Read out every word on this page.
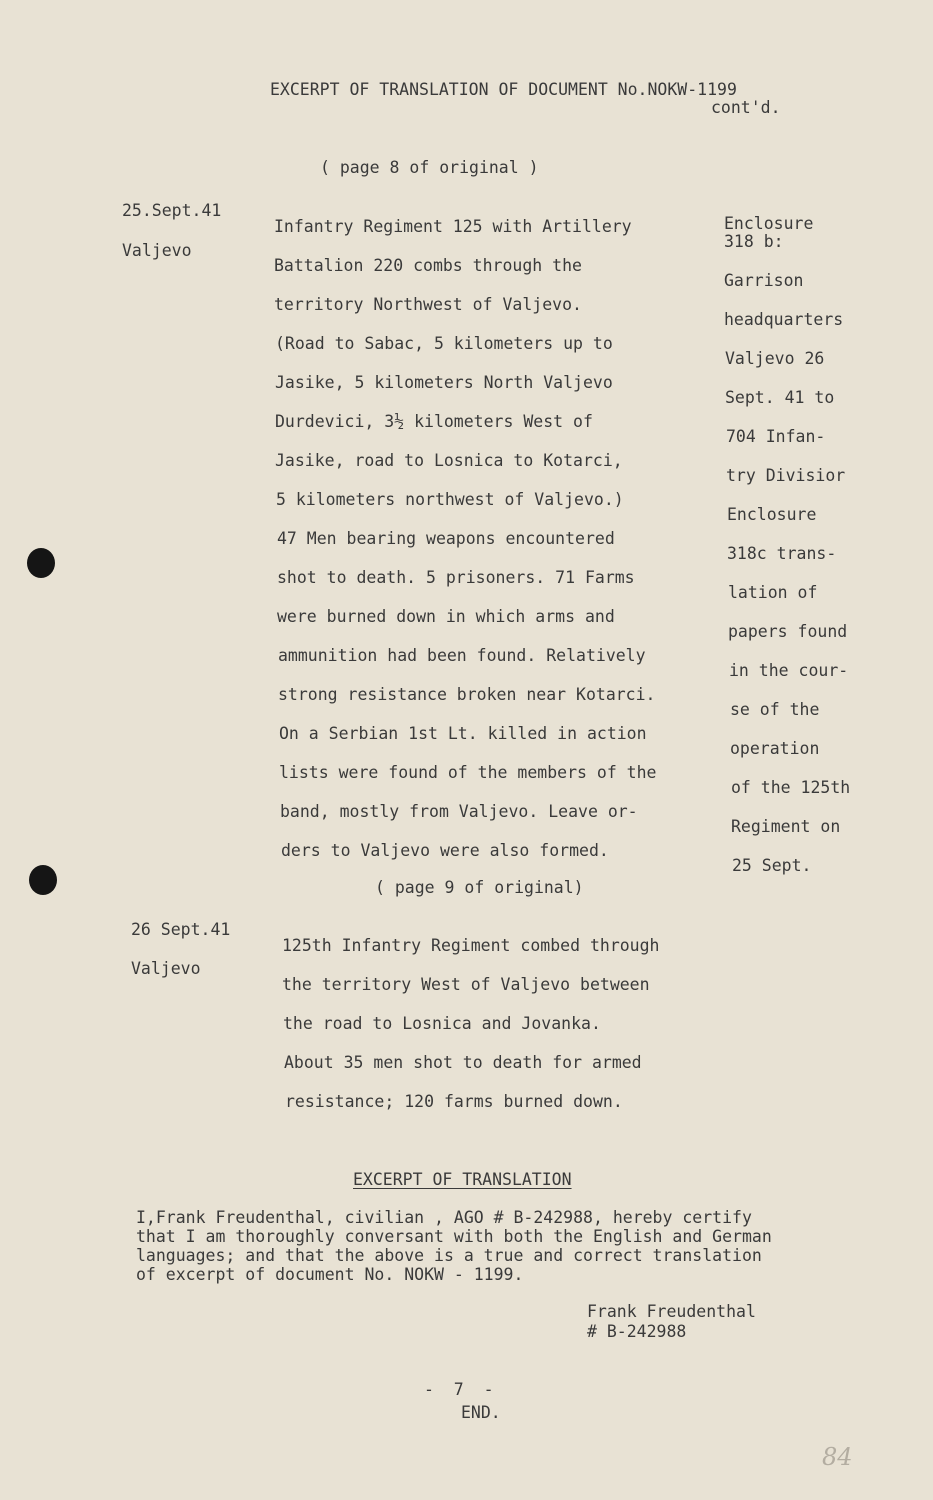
EXCERPT OF TRANSLATION OF DOCUMENT No.NOKW-1199
cont'd.
( page 8 of original )
25.Sept.41
Valjevo
Infantry Regiment 125 with Artillery
Battalion 220 combs through the
territory Northwest of Valjevo.
(Road to Sabac, 5 kilometers up to
Jasike, 5 kilometers North Valjevo
Durdevici, 3½ kilometers West of
Jasike, road to Losnica to Kotarci,
5 kilometers northwest of Valjevo.)
47 Men bearing weapons encountered
shot to death. 5 prisoners. 71 Farms
were burned down in which arms and
ammunition had been found. Relatively
strong resistance broken near Kotarci.
On a Serbian 1st Lt. killed in action
lists were found of the members of the
band, mostly from Valjevo. Leave or-
ders to Valjevo were also formed.
Enclosure
318 b:
Garrison
headquarters
Valjevo 26
Sept. 41 to
704 Infan-
try Divisior
Enclosure
318c trans-
lation of
papers found
in the cour-
se of the
operation
of the 125th
Regiment on
25 Sept.
( page 9 of original)
26 Sept.41
Valjevo
125th Infantry Regiment combed through
the territory West of Valjevo between
the road to Losnica and Jovanka.
About 35 men shot to death for armed
resistance; 120 farms burned down.
EXCERPT OF TRANSLATION
I,Frank Freudenthal, civilian , AGO # B-242988, hereby certify
that I am thoroughly conversant with both the English and German
languages; and that the above is a true and correct translation
of excerpt of document No. NOKW - 1199.
Frank Freudenthal
# B-242988
-  7  -
END.
84
